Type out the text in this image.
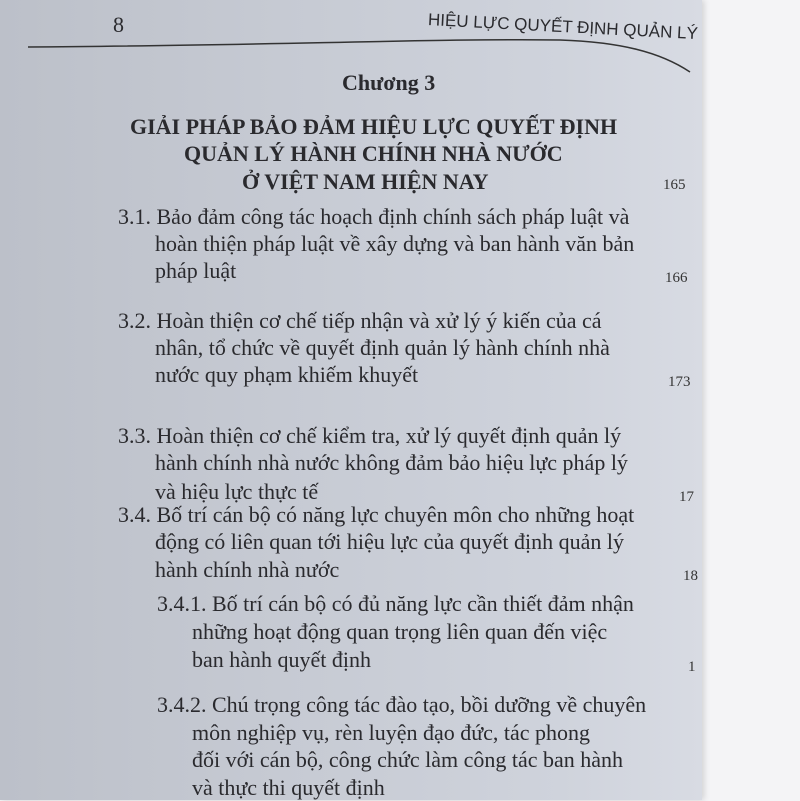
8	HIỆU LỰC QUYẾT ĐỊNH QUẢN LÝ
Chương 3
GIẢI PHÁP BẢO ĐẢM HIỆU LỰC QUYẾT ĐỊNH
QUẢN LÝ HÀNH CHÍNH NHÀ NƯỚC
Ở VIỆT NAM HIỆN NAY	165
3.1. Bảo đảm công tác hoạch định chính sách pháp luật và
hoàn thiện pháp luật về xây dựng và ban hành văn bản
pháp luật	166
3.2. Hoàn thiện cơ chế tiếp nhận và xử lý ý kiến của cá
nhân, tổ chức về quyết định quản lý hành chính nhà
nước quy phạm khiếm khuyết	173
3.3. Hoàn thiện cơ chế kiểm tra, xử lý quyết định quản lý
hành chính nhà nước không đảm bảo hiệu lực pháp lý
và hiệu lực thực tế	17
3.4. Bố trí cán bộ có năng lực chuyên môn cho những hoạt
động có liên quan tới hiệu lực của quyết định quản lý
hành chính nhà nước	18
3.4.1. Bố trí cán bộ có đủ năng lực cần thiết đảm nhận
những hoạt động quan trọng liên quan đến việc
ban hành quyết định	1
3.4.2. Chú trọng công tác đào tạo, bồi dưỡng về chuyên
môn nghiệp vụ, rèn luyện đạo đức, tác phong
đối với cán bộ, công chức làm công tác ban hành
và thực thi quyết định
